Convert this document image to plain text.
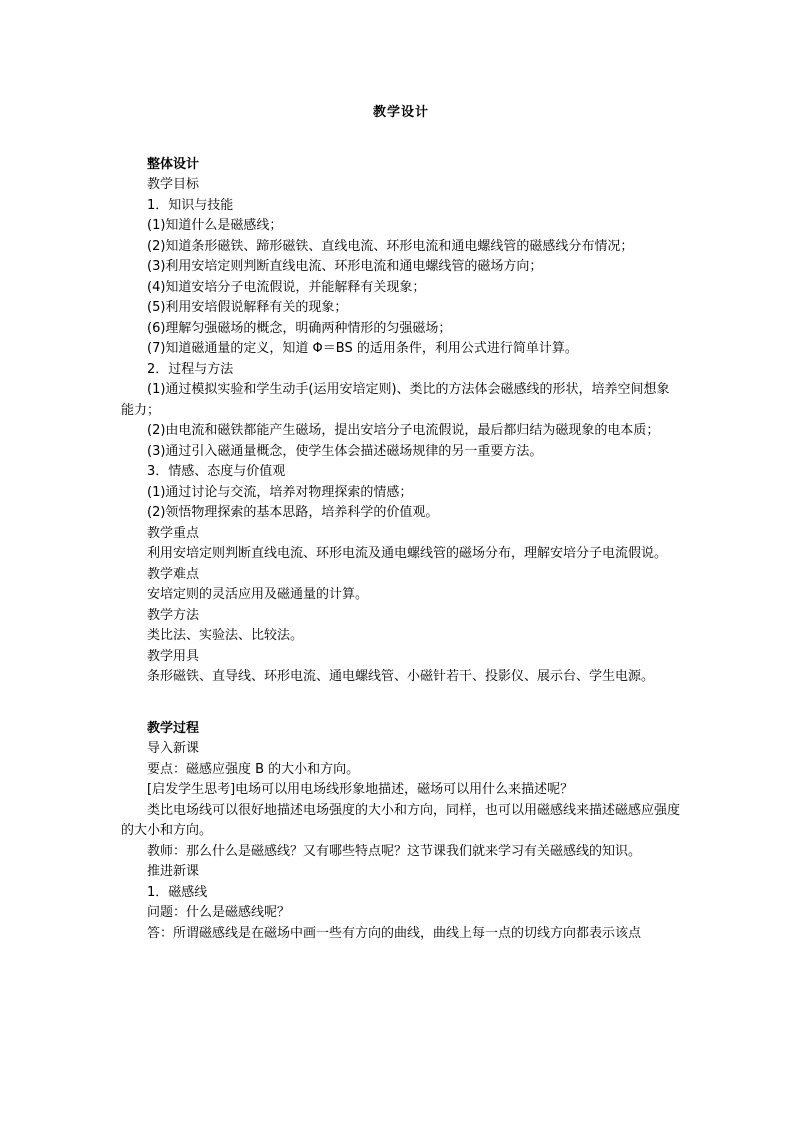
教学设计

整体设计

教学目标

1．知识与技能

(1)知道什么是磁感线；

(2)知道条形磁铁、蹄形磁铁、直线电流、环形电流和通电螺线管的磁感线分布情况；

(3)利用安培定则判断直线电流、环形电流和通电螺线管的磁场方向；

(4)知道安培分子电流假说，并能解释有关现象；

(5)利用安培假说解释有关的现象；

(6)理解匀强磁场的概念，明确两种情形的匀强磁场；

(7)知道磁通量的定义，知道 Φ＝BS 的适用条件，利用公式进行简单计算。

2．过程与方法

(1)通过模拟实验和学生动手(运用安培定则)、类比的方法体会磁感线的形状，培养空间想象能力；

(2)由电流和磁铁都能产生磁场，提出安培分子电流假说，最后都归结为磁现象的电本质；

(3)通过引入磁通量概念，使学生体会描述磁场规律的另一重要方法。

3．情感、态度与价值观

(1)通过讨论与交流，培养对物理探索的情感；

(2)领悟物理探索的基本思路，培养科学的价值观。

教学重点

利用安培定则判断直线电流、环形电流及通电螺线管的磁场分布，理解安培分子电流假说。

教学难点

安培定则的灵活应用及磁通量的计算。

教学方法

类比法、实验法、比较法。

教学用具

条形磁铁、直导线、环形电流、通电螺线管、小磁针若干、投影仪、展示台、学生电源。

教学过程

导入新课

要点：磁感应强度 B 的大小和方向。

[启发学生思考]电场可以用电场线形象地描述，磁场可以用什么来描述呢？

类比电场线可以很好地描述电场强度的大小和方向，同样，也可以用磁感线来描述磁感应强度的大小和方向。

教师：那么什么是磁感线？又有哪些特点呢？这节课我们就来学习有关磁感线的知识。

推进新课

1．磁感线

问题：什么是磁感线呢？

答：所谓磁感线是在磁场中画一些有方向的曲线，曲线上每一点的切线方向都表示该点
